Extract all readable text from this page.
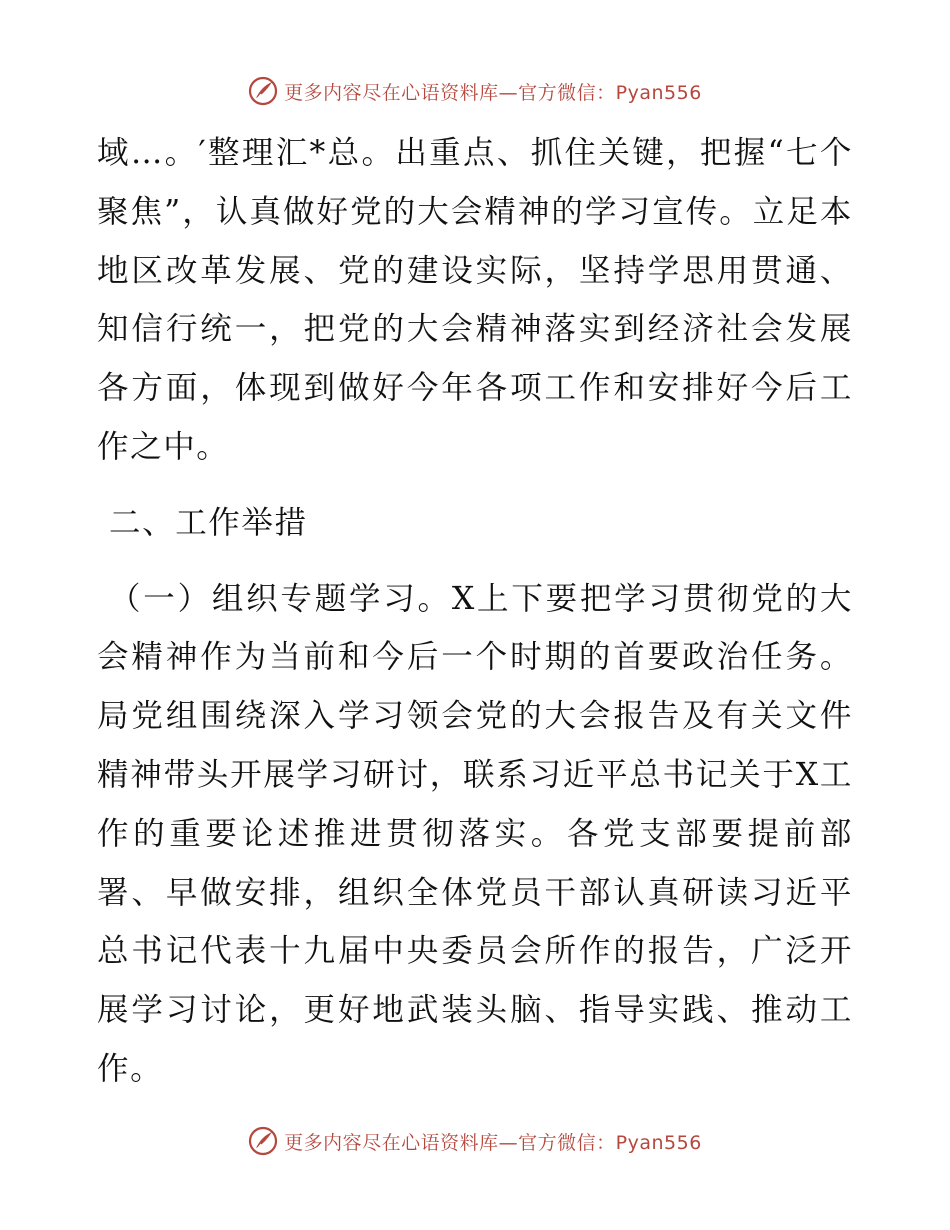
更多内容尽在心语资料库—官方微信：Pyan556

域…。′整理汇*总。出重点、抓住关键，把握“七个聚焦”，认真做好党的大会精神的学习宣传。立足本地区改革发展、党的建设实际，坚持学思用贯通、知信行统一，把党的大会精神落实到经济社会发展各方面，体现到做好今年各项工作和安排好今后工作之中。

二、工作举措

（一）组织专题学习。X上下要把学习贯彻党的大会精神作为当前和今后一个时期的首要政治任务。局党组围绕深入学习领会党的大会报告及有关文件精神带头开展学习研讨，联系习近平总书记关于X工作的重要论述推进贯彻落实。各党支部要提前部署、早做安排，组织全体党员干部认真研读习近平总书记代表十九届中央委员会所作的报告，广泛开展学习讨论，更好地武装头脑、指导实践、推动工作。

更多内容尽在心语资料库—官方微信：Pyan556
